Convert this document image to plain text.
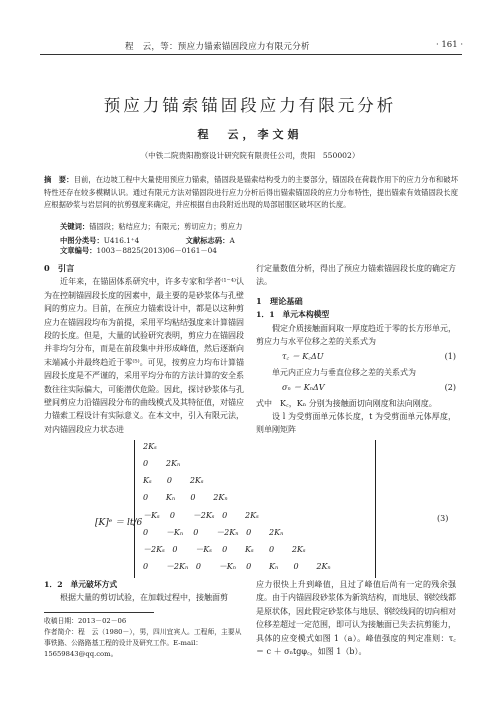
程　云，等：预应力锚索锚固段应力有限元分析	· 161 ·
预应力锚索锚固段应力有限元分析
程　云，李文娟
（中铁二院贵阳勘察设计研究院有限责任公司，贵阳　550002）
摘　要：目前，在边坡工程中大量使用预应力锚索，锚固段是锚索结构受力的主要部分，锚固段在荷载作用下的应力分布和破坏特性还存在较多模糊认识。通过有限元方法对锚固段进行应力分析后得出锚索锚固段的应力分布特性，提出锚索有效锚固段长度应根据砂浆与岩层间的抗剪强度来确定，并应根据自由段附近出现的局部屈服区破坏区的长度。
关键词：锚固段；粘结应力；有限元；剪切应力；剪应力
中图分类号：U416.1⁺4	文献标志码：A 文章编号：1003－8825(2013)06－0161－04
0　引言

近年来，在锚固体系研究中，许多专家和学者⁽¹⁻⁴⁾认为在控制锚固段长度的因素中，最主要的是砂浆体与孔壁间的剪应力。目前，在预应力锚索设计中，都是以这种剪应力在锚固段均布为前提，采用平均粘结强度来计算锚固段的长度。但是，大量的试验研究表明，剪应力在锚固段并非均匀分布，而是在前段集中并形成峰值，然后逐渐向末端减小并最终趋近于零⁽⁵⁾。可见，按剪应力均布计算锚固段长度是不严谨的，采用平均分布的方法计算的安全系数往往实际偏大，可能潜伏危险。因此，探讨砂浆体与孔壁间剪应力沿锚固段分布的曲线模式及其特征值，对锚应力锚索工程设计有实际意义。在本文中，引入有限元法，对内锚固段应力状态进

行定量数值分析，得出了预应力锚索锚固段长度的确定方法。

1　理论基础
1．1　单元本构模型

假定介质接触面间取一厚度趋近于零的长方形单元，剪应力与水平位移之差的关系式为

τ꜀ ＝ K꜀ΔU	(1)

单元内正应力与垂直位移之差的关系式为

σₙ ＝ KₙΔV	(2)

式中　K꜀，Kₙ 分别为接触面切向刚度和法向刚度。

设 l 为受剪面单元体长度，t 为受剪面单元体厚度，则单刚矩阵

[K]ᵉ ＝ lt/6
2Kₛ
0       2Kₙ
Kₛ      0       2Kₛ
0       Kₙ      0       2Kₙ
－Kₛ    0       －2Kₛ   0       2Kₛ
0       －Kₙ    0       －2Kₙ   0       2Kₙ
－2Kₛ   0       －Kₛ    0       Kₛ      0       2Kₛ
0       －2Kₙ   0       －Kₙ    0       Kₙ      0       2Kₙ
(3)
1．2　单元破坏方式

根据大量的剪切试验，在加载过程中，接触面剪

收稿日期：2013－02－06
作者简介：程　云（1980－），男，四川宜宾人。工程师，主要从事铁路、公路路基工程的设计及研究工作。E-mail：15659843@qq.com。

应力很快上升到峰值，且过了峰值后尚有一定的残余强度。由于内锚固段砂浆体为新筑结构，而地层、钢绞线都是原状体，因此假定砂浆体与地层、钢绞线间的切向相对位移差超过一定范围，即可认为接触面已失去抗剪能力，具体的应变模式如图 1（a）。峰值强度的判定准则：τ꜀ ＝ c ＋ σₙtgφ꜀，如图 1（b）。
